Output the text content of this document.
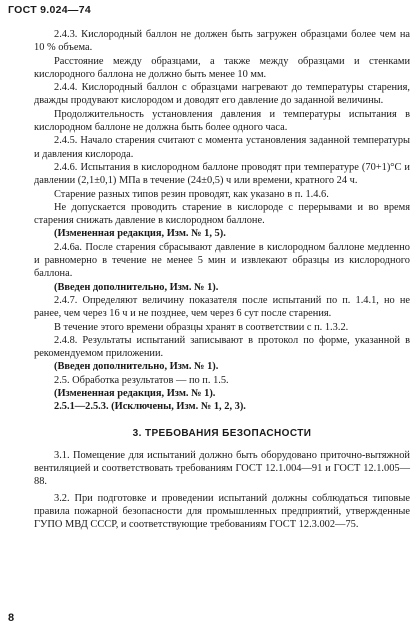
ГОСТ 9.024—74

2.4.3. Кислородный баллон не должен быть загружен образцами более чем на 10 % объема.

Расстояние между образцами, а также между образцами и стенками кислородного баллона не должно быть менее 10 мм.

2.4.4. Кислородный баллон с образцами нагревают до температуры старения, дважды продувают кислородом и доводят его давление до заданной величины.

Продолжительность установления давления и температуры испытания в кислородном баллоне не должна быть более одного часа.

2.4.5. Начало старения считают с момента установления заданной температуры и давления кислорода.

2.4.6. Испытания в кислородном баллоне проводят при температуре (70+1)°С и давлении (2,1±0,1) МПа в течение (24±0,5) ч или времени, кратного 24 ч.

Старение разных типов резин проводят, как указано в п. 1.4.6.

Не допускается проводить старение в кислороде с перерывами и во время старения снижать давление в кислородном баллоне.

(Измененная редакция, Изм. № 1, 5).

2.4.6а. После старения сбрасывают давление в кислородном баллоне медленно и равномерно в течение не менее 5 мин и извлекают образцы из кислородного баллона.

(Введен дополнительно, Изм. № 1).

2.4.7. Определяют величину показателя после испытаний по п. 1.4.1, но не ранее, чем через 16 ч и не позднее, чем через 6 сут после старения.

В течение этого времени образцы хранят в соответствии с п. 1.3.2.

2.4.8. Результаты испытаний записывают в протокол по форме, указанной в рекомендуемом приложении.

(Введен дополнительно, Изм. № 1).

2.5. Обработка результатов — по п. 1.5.

(Измененная редакция, Изм. № 1).

2.5.1—2.5.3. (Исключены, Изм. № 1, 2, 3).

3. ТРЕБОВАНИЯ БЕЗОПАСНОСТИ

3.1. Помещение для испытаний должно быть оборудовано приточно-вытяжной вентиляцией и соответствовать требованиям ГОСТ 12.1.004—91 и ГОСТ 12.1.005—88.

3.2. При подготовке и проведении испытаний должны соблюдаться типовые правила пожарной безопасности для промышленных предприятий, утвержденные ГУПО МВД СССР, и соответствующие требованиям ГОСТ 12.3.002—75.

8
